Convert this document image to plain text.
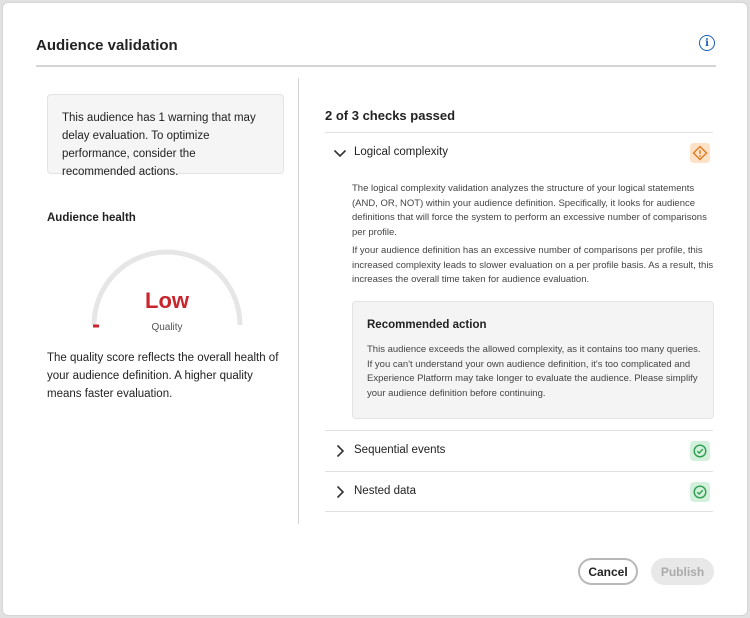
Audience validation	i
This audience has 1 warning that may delay evaluation. To optimize performance, consider the recommended actions.
Audience health
Low
Quality
The quality score reflects the overall health of your audience definition. A higher quality means faster evaluation.
2 of 3 checks passed
Logical complexity
The logical complexity validation analyzes the structure of your logical statements (AND, OR, NOT) within your audience definition. Specifically, it looks for audience definitions that will force the system to perform an excessive number of comparisons per profile.
If your audience definition has an excessive number of comparisons per profile, this increased complexity leads to slower evaluation on a per profile basis. As a result, this increases the overall time taken for audience evaluation.
Recommended action
This audience exceeds the allowed complexity, as it contains too many queries. If you can't understand your own audience definition, it's too complicated and Experience Platform may take longer to evaluate the audience. Please simplify your audience definition before continuing.
Sequential events
Nested data
Cancel	Publish
